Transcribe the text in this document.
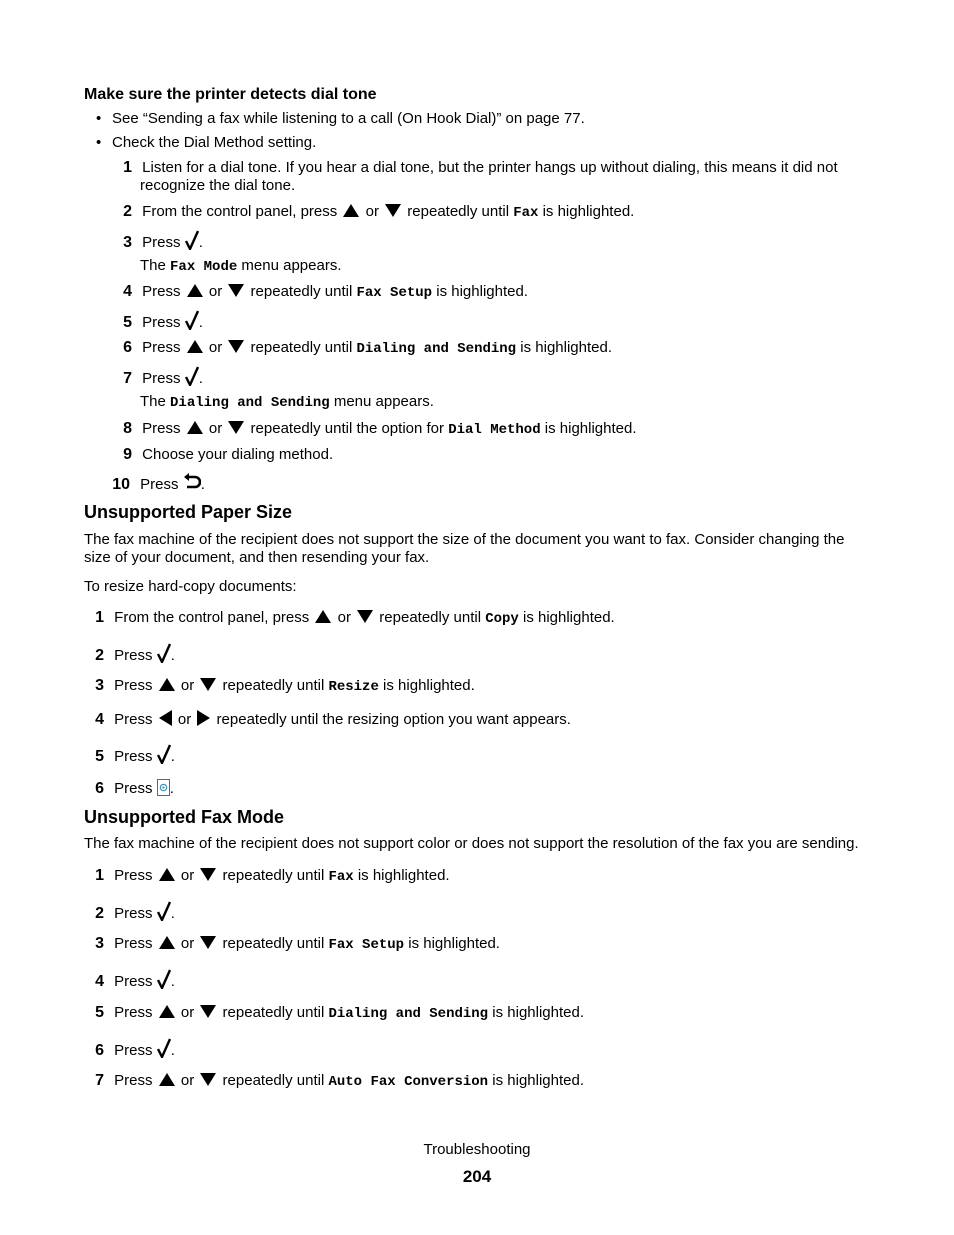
Make sure the printer detects dial tone
• See “Sending a fax while listening to a call (On Hook Dial)” on page 77.
• Check the Dial Method setting.
1 Listen for a dial tone. If you hear a dial tone, but the printer hangs up without dialing, this means it did not
recognize the dial tone.
2 From the control panel, press or repeatedly until Fax is highlighted.
3 Press .
The Fax Mode menu appears.
4 Press or repeatedly until Fax Setup is highlighted.
5 Press .
6 Press or repeatedly until Dialing and Sending is highlighted.
7 Press .
The Dialing and Sending menu appears.
8 Press or repeatedly until the option for Dial Method is highlighted.
9 Choose your dialing method.
10 Press .
Unsupported Paper Size
The fax machine of the recipient does not support the size of the document you want to fax. Consider changing the
size of your document, and then resending your fax.
To resize hard-copy documents:
1 From the control panel, press or repeatedly until Copy is highlighted.
2 Press .
3 Press or repeatedly until Resize is highlighted.
4 Press or repeatedly until the resizing option you want appears.
5 Press .
6 Press .
Unsupported Fax Mode
The fax machine of the recipient does not support color or does not support the resolution of the fax you are sending.
1 Press or repeatedly until Fax is highlighted.
2 Press .
3 Press or repeatedly until Fax Setup is highlighted.
4 Press .
5 Press or repeatedly until Dialing and Sending is highlighted.
6 Press .
7 Press or repeatedly until Auto Fax Conversion is highlighted.
Troubleshooting
204
